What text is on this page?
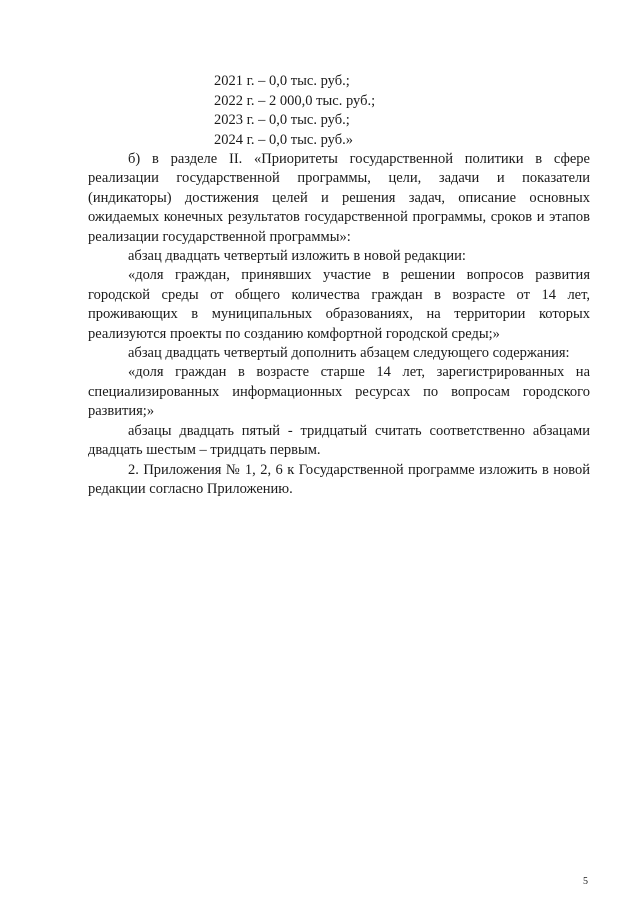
2021 г. – 0,0 тыс. руб.;
2022 г. – 2 000,0 тыс. руб.;
2023 г. – 0,0 тыс. руб.;
2024 г. – 0,0 тыс. руб.»

б) в разделе II. «Приоритеты государственной политики в сфере реализации государственной программы, цели, задачи и показатели (индикаторы) достижения целей и решения задач, описание основных ожидаемых конечных результатов государственной программы, сроков и этапов реализации государственной программы»:

абзац двадцать четвертый изложить в новой редакции:

«доля граждан, принявших участие в решении вопросов развития городской среды от общего количества граждан в возрасте от 14 лет, проживающих в муниципальных образованиях, на территории которых реализуются проекты по созданию комфортной городской среды;»

абзац двадцать четвертый дополнить абзацем следующего содержания:

«доля граждан в возрасте старше 14 лет, зарегистрированных на специализированных информационных ресурсах по вопросам городского развития;»

абзацы двадцать пятый - тридцатый считать соответственно абзацами двадцать шестым – тридцать первым.

2. Приложения № 1, 2, 6 к Государственной программе изложить в новой редакции согласно Приложению.

5
